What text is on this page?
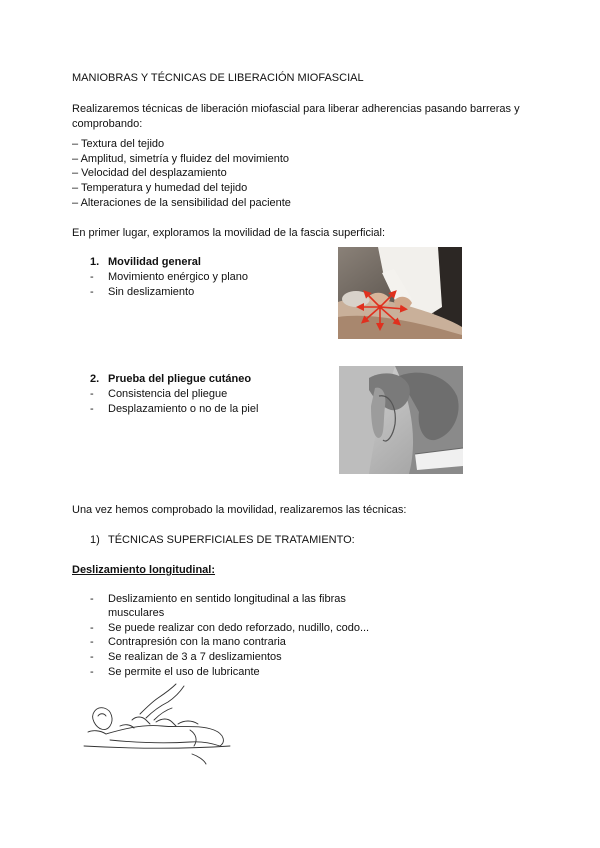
MANIOBRAS Y TÉCNICAS DE LIBERACIÓN MIOFASCIAL
Realizaremos técnicas de liberación miofascial para liberar adherencias pasando barreras y
comprobando:
– Textura del tejido
– Amplitud, simetría y fluidez del movimiento
– Velocidad del desplazamiento
– Temperatura y humedad del tejido
– Alteraciones de la sensibilidad del paciente
En primer lugar, exploramos la movilidad de la fascia superficial:
1. Movilidad general
- Movimiento enérgico y plano
- Sin deslizamiento
2. Prueba del pliegue cutáneo
- Consistencia del pliegue
- Desplazamiento o no de la piel
Una vez hemos comprobado la movilidad, realizaremos las técnicas:
1) TÉCNICAS SUPERFICIALES DE TRATAMIENTO:
Deslizamiento longitudinal:
- Deslizamiento en sentido longitudinal a las fibras
musculares
- Se puede realizar con dedo reforzado, nudillo, codo...
- Contrapresión con la mano contraria
- Se realizan de 3 a 7 deslizamientos
- Se permite el uso de lubricante
